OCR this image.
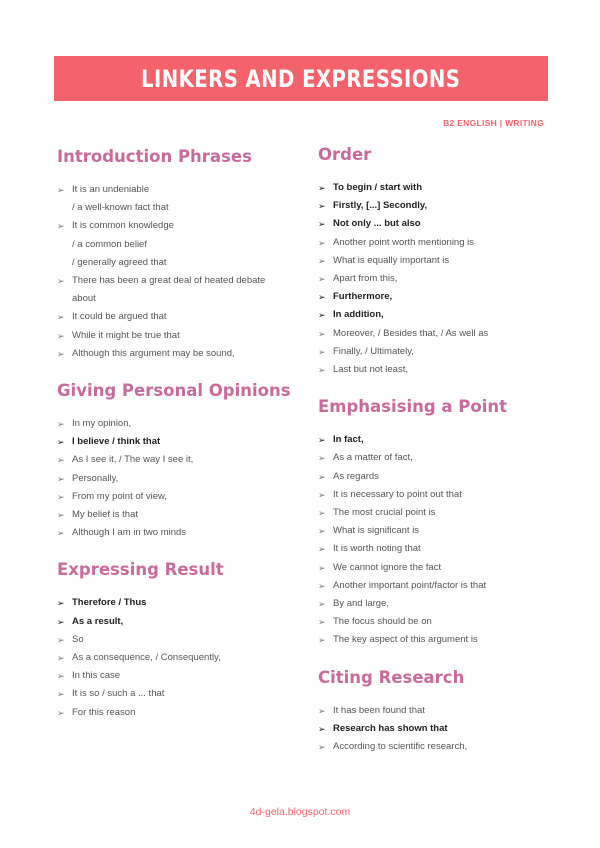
LINKERS AND EXPRESSIONS
B2 ENGLISH | WRITING
Introduction Phrases
➢ It is an undeniable
/ a well-known fact that
➢ It is common knowledge
/ a common belief
/ generally agreed that
➢ There has been a great deal of heated debate
about
➢ It could be argued that
➢ While it might be true that
➢ Although this argument may be sound,
Giving Personal Opinions
➢ In my opinion,
➢ I believe / think that
➢ As I see it, / The way I see it,
➢ Personally,
➢ From my point of view,
➢ My belief is that
➢ Although I am in two minds
Expressing Result
➢ Therefore / Thus
➢ As a result,
➢ So
➢ As a consequence, / Consequently,
➢ In this case
➢ It is so / such a ... that
➢ For this reason
Order
➢ To begin / start with
➢ Firstly, [...] Secondly,
➢ Not only ... but also
➢ Another point worth mentioning is
➢ What is equally important is
➢ Apart from this,
➢ Furthermore,
➢ In addition,
➢ Moreover, / Besides that, / As well as
➢ Finally, / Ultimately,
➢ Last but not least,
Emphasising a Point
➢ In fact,
➢ As a matter of fact,
➢ As regards
➢ It is necessary to point out that
➢ The most crucial point is
➢ What is significant is
➢ It is worth noting that
➢ We cannot ignore the fact
➢ Another important point/factor is that
➢ By and large,
➢ The focus should be on
➢ The key aspect of this argument is
Citing Research
➢ It has been found that
➢ Research has shown that
➢ According to scientific research,
4d-gela.blogspot.com
